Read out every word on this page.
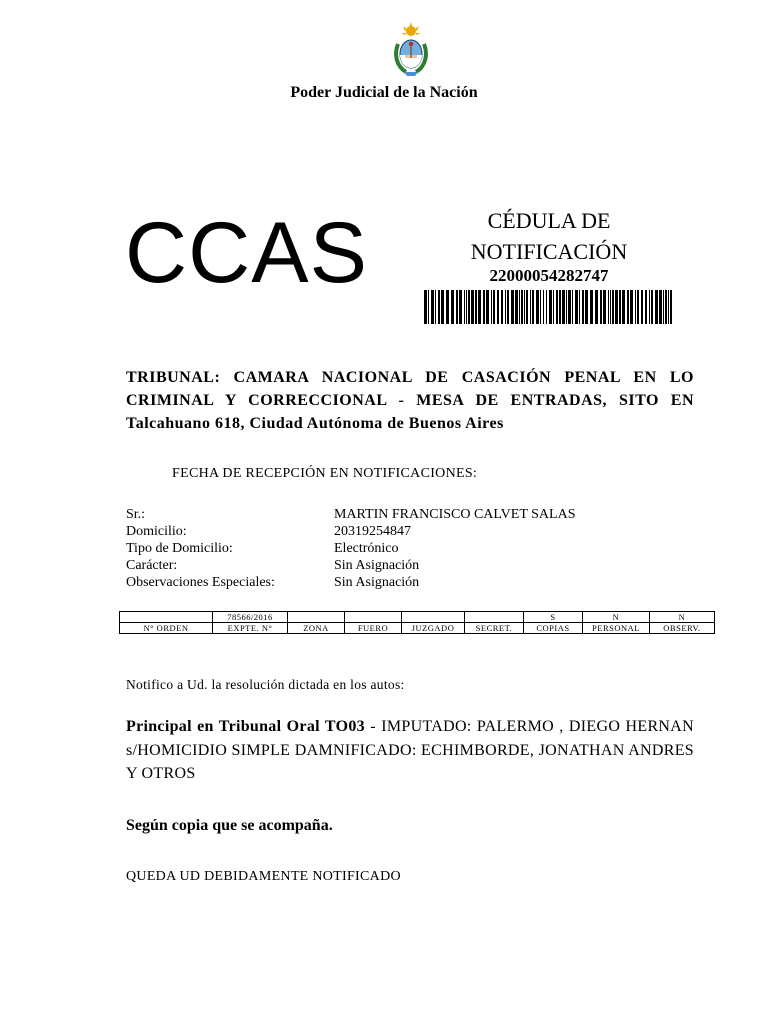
Poder Judicial de la Nación
CCAS	CÉDULA DE
NOTIFICACIÓN
22000054282747
TRIBUNAL: CAMARA NACIONAL DE CASACIÓN PENAL EN LO CRIMINAL Y CORRECCIONAL - MESA DE ENTRADAS, SITO EN Talcahuano 618, Ciudad Autónoma de Buenos Aires
FECHA DE RECEPCIÓN EN NOTIFICACIONES:
Sr.:	MARTIN FRANCISCO CALVET SALAS
Domicilio:	20319254847
Tipo de Domicilio:	Electrónico
Carácter:	Sin Asignación
Observaciones Especiales:	Sin Asignación
	78566/2016					S	N	N
N° ORDEN	EXPTE. N°	ZONA	FUERO	JUZGADO	SECRET.	COPIAS	PERSONAL	OBSERV.
Notifico a Ud. la resolución dictada en los autos:
Principal en Tribunal Oral TO03 - IMPUTADO: PALERMO , DIEGO HERNAN s/HOMICIDIO SIMPLE DAMNIFICADO: ECHIMBORDE, JONATHAN ANDRES Y OTROS
Según copia que se acompaña.
QUEDA UD DEBIDAMENTE NOTIFICADO
